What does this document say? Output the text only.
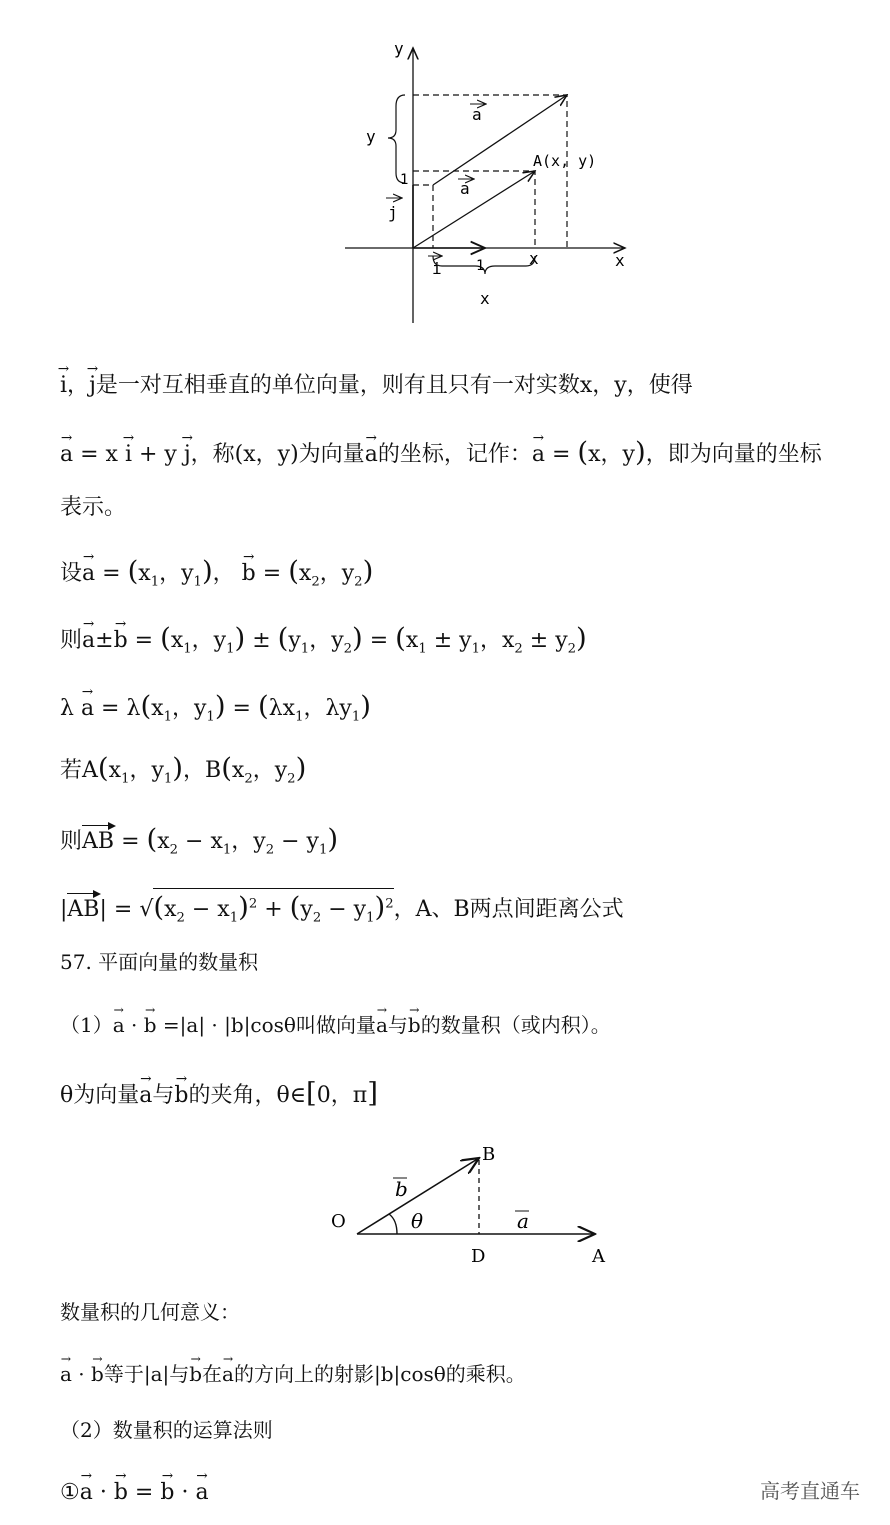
y
x
A(x, y)
a
a
1
j
y
i 1	x
x
→ i，→ j是一对互相垂直的单位向量，则有且只有一对实数x，y，使得
→ a = x → i + y → j，称(x，y)为向量→ a的坐标，记作：→ a = (x，y)，即为向量的坐标
表示。
设→ $a = (x_1$，$y_1$)， → $b = (x_2$，$y_2$)
则→ $a\pm\to b = (x_1$，$y_1) \pm (y_1$，$y_2) = (x_1 \pm y_1$，$x_2 \pm y_2$)
$\lambda \to a = \lambda(x_1$，$y_1) = (\lambda x_1$，$\lambda y_1$)
若$A(x_1$，$y_1$)，$B(x_2$，$y_2$)
则AB = ($x_2 - x_1$，$y_2 - y_1$)
$|AB| = √(x_2 - x_1)^2 + (y_2 - y_1)^2$，A、B两点间距离公式
57. 平面向量的数量积
（1）→ a · → b =|a| · |b|cosθ叫做向量→ a与→ b的数量积（或内积）。
θ为向量→ a与→ b的夹角，θ∈[0，π]
O
B
D	A
b
a
θ
数量积的几何意义：
→ a · → b等于|a|与→ b在→ a的方向上的射影|b|cosθ的乘积。
（2）数量积的运算法则
①→ a · → b = → b · → a	高考直通车
